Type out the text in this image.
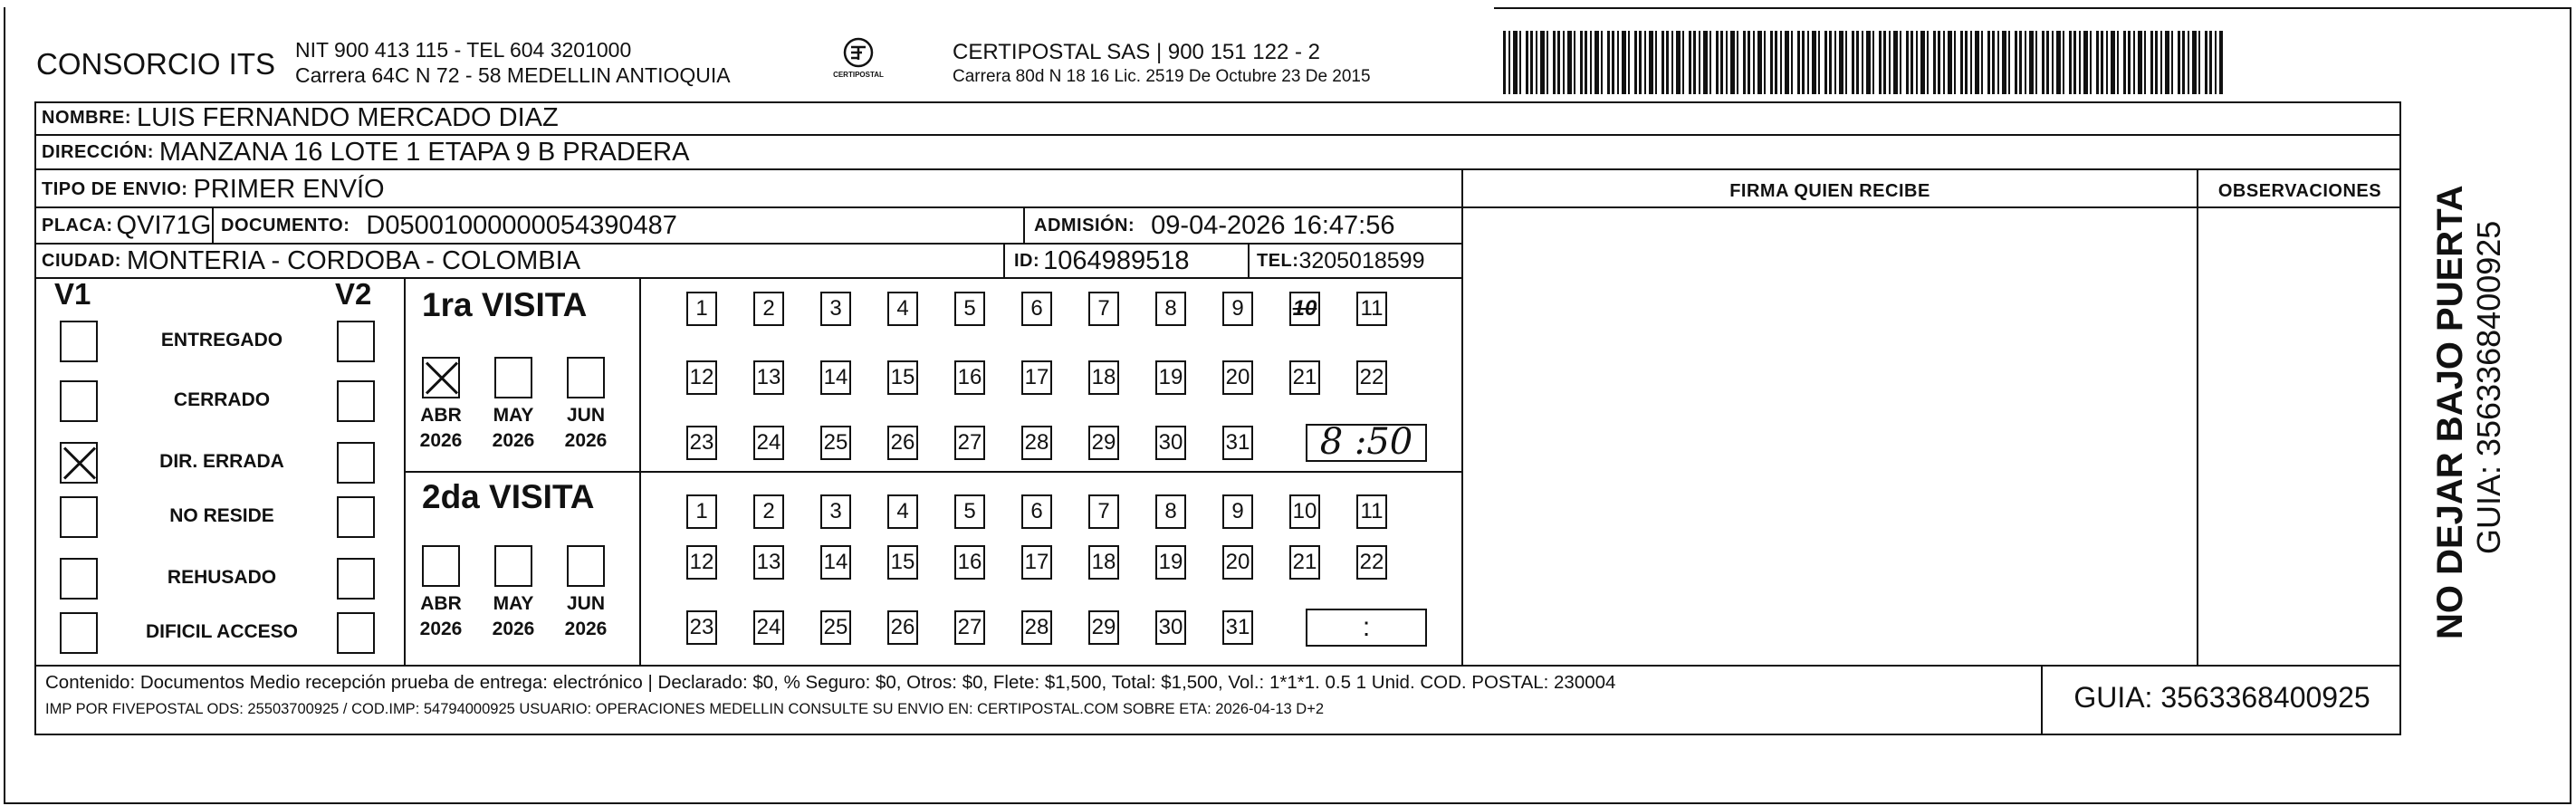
CONSORCIO ITS NIT 900 413 115 - TEL 604 3201000
Carrera 64C N 72 - 58 MEDELLIN ANTIOQUIA	CERTIPOSTAL
CERTIPOSTAL SAS | 900 151 122 - 2
Carrera 80d N 18 16 Lic. 2519 De Octubre 23 De 2015
NOMBRE: LUIS FERNANDO MERCADO DIAZ
DIRECCIÓN: MANZANA 16 LOTE 1 ETAPA 9 B PRADERA
TIPO DE ENVIO: PRIMER ENVÍO
PLACA: QVI71G DOCUMENTO: D05001000000054390487	ADMISIÓN: 09-04-2026 16:47:56
CIUDAD: MONTERIA - CORDOBA - COLOMBIA	ID: 1064989518	TEL: 3205018599
FIRMA QUIEN RECIBE	OBSERVACIONES
V1	V2 1ra VISITA
8 :50
2da VISITA
:
Contenido: Documentos Medio recepción prueba de entrega: electrónico | Declarado: $0, % Seguro: $0, Otros: $0, Flete: $1,500, Total: $1,500, Vol.: 1*1*1. 0.5 1 Unid. COD. POSTAL: 230004
IMP POR FIVEPOSTAL ODS: 25503700925 / COD.IMP: 54794000925 USUARIO: OPERACIONES MEDELLIN CONSULTE SU ENVIO EN: CERTIPOSTAL.COM SOBRE ETA: 2026-04-13 D+2	GUIA: 3563368400925
NO DEJAR BAJO PUERTA GUIA: 3563368400925
ENTREGADO
CERRADO
DIR. ERRADA
NO RESIDE
REHUSADO
DIFICIL ACCESO
ABR
2026
MAY
2026
JUN
2026
ABR
2026
MAY
2026
JUN
2026
1	2	3	4	5	6	7	8	9	10 11
12 13 14 15 16 17 18 19 20 21 22
23 24 25 26 27 28 29 30 31
1	2	3	4	5	6	7	8	9	10 11
12 13 14 15 16 17 18 19 20 21 22
23 24 25 26 27 28 29 30 31
